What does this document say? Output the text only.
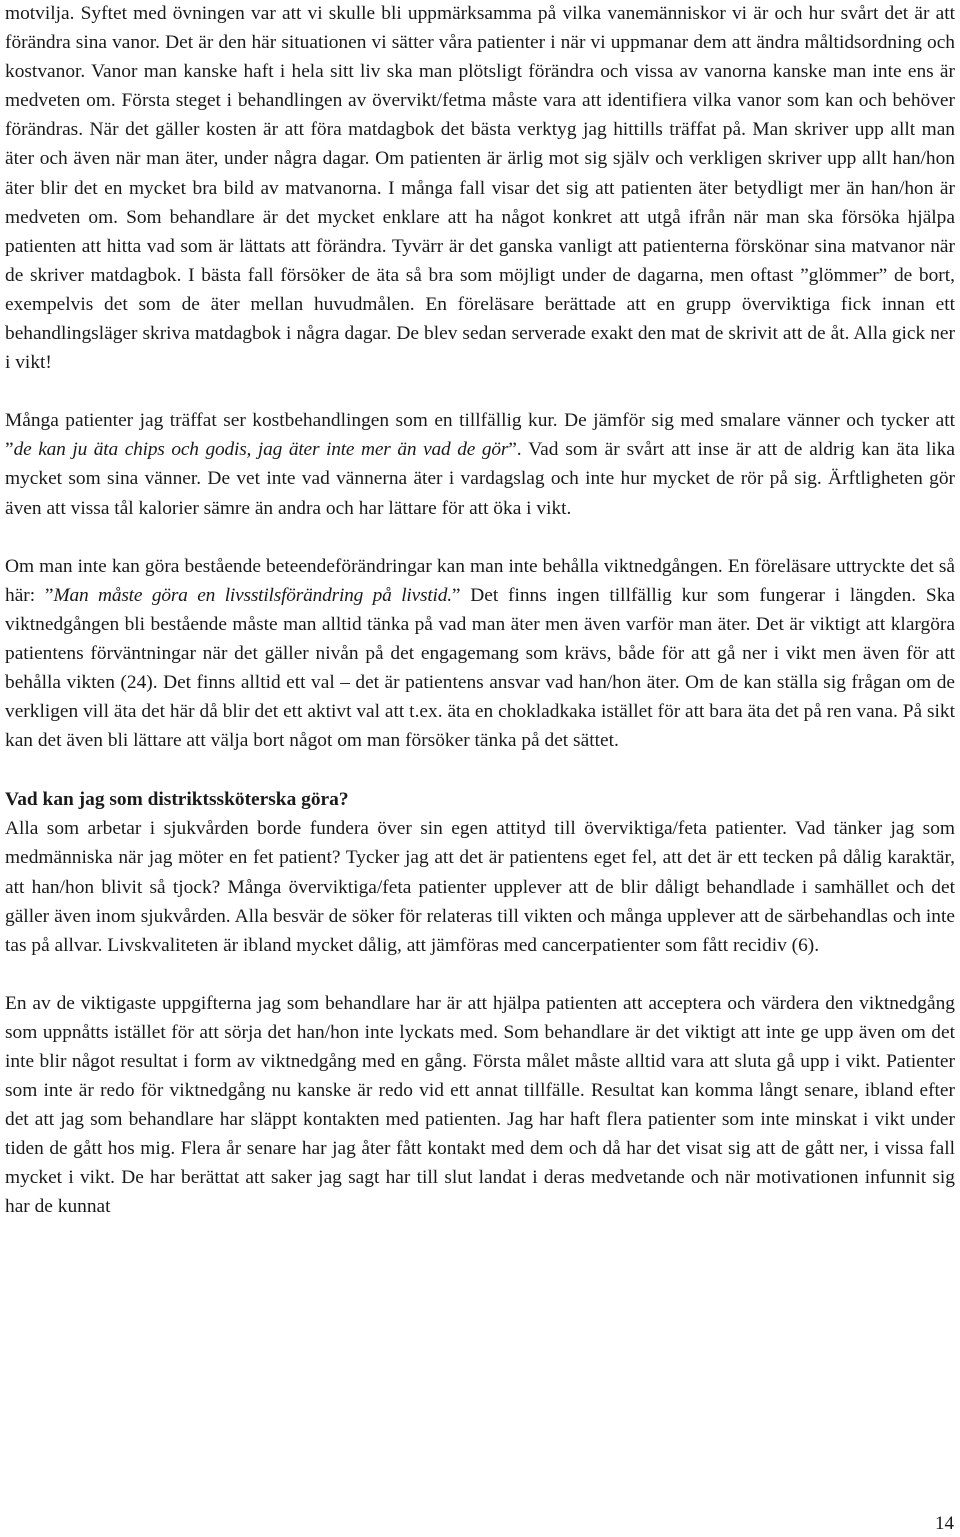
motvilja. Syftet med övningen var att vi skulle bli uppmärksamma på vilka vanemänniskor vi är och hur svårt det är att förändra sina vanor. Det är den här situationen vi sätter våra patienter i när vi uppmanar dem att ändra måltidsordning och kostvanor. Vanor man kanske haft i hela sitt liv ska man plötsligt förändra och vissa av vanorna kanske man inte ens är medveten om. Första steget i behandlingen av övervikt/fetma måste vara att identifiera vilka vanor som kan och behöver förändras. När det gäller kosten är att föra matdagbok det bästa verktyg jag hittills träffat på. Man skriver upp allt man äter och även när man äter, under några dagar. Om patienten är ärlig mot sig själv och verkligen skriver upp allt han/hon äter blir det en mycket bra bild av matvanorna. I många fall visar det sig att patienten äter betydligt mer än han/hon är medveten om. Som behandlare är det mycket enklare att ha något konkret att utgå ifrån när man ska försöka hjälpa patienten att hitta vad som är lättats att förändra. Tyvärr är det ganska vanligt att patienterna förskönar sina matvanor när de skriver matdagbok. I bästa fall försöker de äta så bra som möjligt under de dagarna, men oftast ”glömmer” de bort, exempelvis det som de äter mellan huvudmålen. En föreläsare berättade att en grupp överviktiga fick innan ett behandlingsläger skriva matdagbok i några dagar. De blev sedan serverade exakt den mat de skrivit att de åt. Alla gick ner i vikt!

Många patienter jag träffat ser kostbehandlingen som en tillfällig kur. De jämför sig med smalare vänner och tycker att ”de kan ju äta chips och godis, jag äter inte mer än vad de gör”. Vad som är svårt att inse är att de aldrig kan äta lika mycket som sina vänner. De vet inte vad vännerna äter i vardagslag och inte hur mycket de rör på sig. Ärftligheten gör även att vissa tål kalorier sämre än andra och har lättare för att öka i vikt.

Om man inte kan göra bestående beteendeförändringar kan man inte behålla viktnedgången. En föreläsare uttryckte det så här: ”Man måste göra en livsstilsförändring på livstid.” Det finns ingen tillfällig kur som fungerar i längden. Ska viktnedgången bli bestående måste man alltid tänka på vad man äter men även varför man äter. Det är viktigt att klargöra patientens förväntningar när det gäller nivån på det engagemang som krävs, både för att gå ner i vikt men även för att behålla vikten (24). Det finns alltid ett val – det är patientens ansvar vad han/hon äter. Om de kan ställa sig frågan om de verkligen vill äta det här då blir det ett aktivt val att t.ex. äta en chokladkaka istället för att bara äta det på ren vana. På sikt kan det även bli lättare att välja bort något om man försöker tänka på det sättet.

Vad kan jag som distriktssköterska göra?

Alla som arbetar i sjukvården borde fundera över sin egen attityd till överviktiga/feta patienter. Vad tänker jag som medmänniska när jag möter en fet patient? Tycker jag att det är patientens eget fel, att det är ett tecken på dålig karaktär, att han/hon blivit så tjock? Många överviktiga/feta patienter upplever att de blir dåligt behandlade i samhället och det gäller även inom sjukvården. Alla besvär de söker för relateras till vikten och många upplever att de särbehandlas och inte tas på allvar. Livskvaliteten är ibland mycket dålig, att jämföras med cancerpatienter som fått recidiv (6).

En av de viktigaste uppgifterna jag som behandlare har är att hjälpa patienten att acceptera och värdera den viktnedgång som uppnåtts istället för att sörja det han/hon inte lyckats med. Som behandlare är det viktigt att inte ge upp även om det inte blir något resultat i form av viktnedgång med en gång. Första målet måste alltid vara att sluta gå upp i vikt. Patienter som inte är redo för viktnedgång nu kanske är redo vid ett annat tillfälle. Resultat kan komma långt senare, ibland efter det att jag som behandlare har släppt kontakten med patienten. Jag har haft flera patienter som inte minskat i vikt under tiden de gått hos mig. Flera år senare har jag åter fått kontakt med dem och då har det visat sig att de gått ner, i vissa fall mycket i vikt. De har berättat att saker jag sagt har till slut landat i deras medvetande och när motivationen infunnit sig har de kunnat

14
